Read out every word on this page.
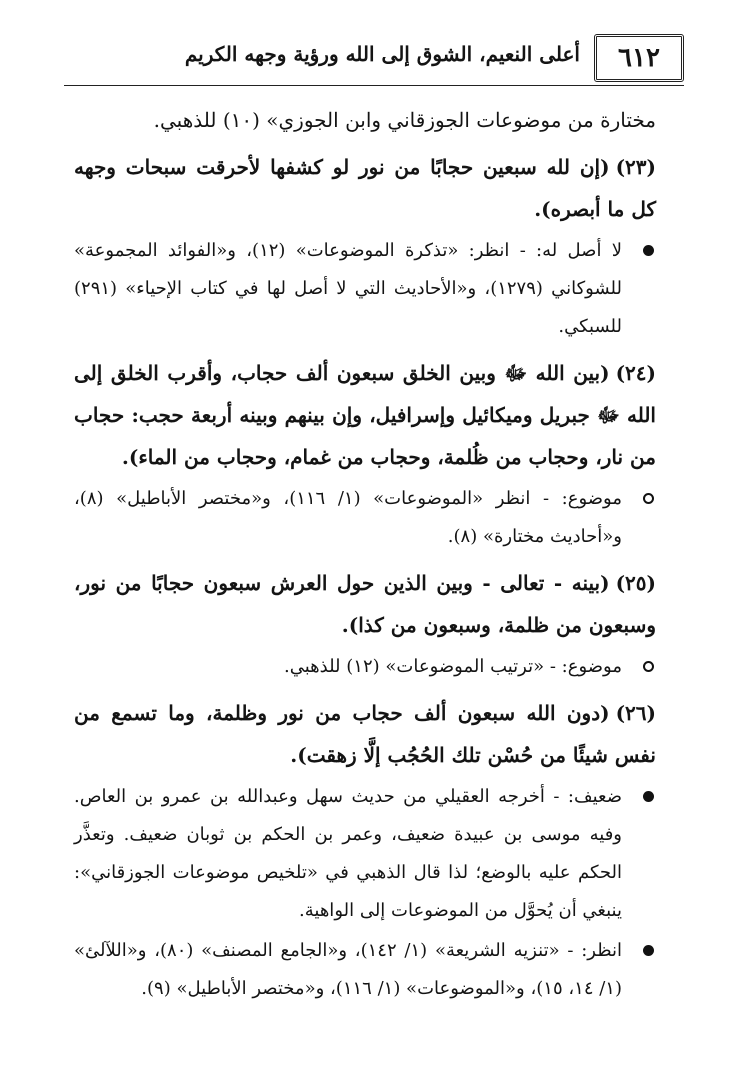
٦١٢
أعلى النعيم، الشوق إلى الله ورؤية وجهه الكريم

مختارة من موضوعات الجوزقاني وابن الجوزي» (١٠) للذهبي.

(٢٣)(إن لله سبعين حجابًا من نور لو كشفها لأحرقت سبحات وجهه كل ما أبصره).

لا أصل له: - انظر: «تذكرة الموضوعات» (١٢)، و«الفوائد المجموعة» للشوكاني (١٢٧٩)، و«الأحاديث التي لا أصل لها في كتاب الإحياء» (٢٩١) للسبكي.

(٢٤)(بين الله ﷻ وبين الخلق سبعون ألف حجاب، وأقرب الخلق إلى الله ﷻ جبريل وميكائيل وإسرافيل، وإن بينهم وبينه أربعة حجب: حجاب من نار، وحجاب من ظُلمة، وحجاب من غمام، وحجاب من الماء).

موضوع: - انظر «الموضوعات» (١/ ١١٦)، و«مختصر الأباطيل» (٨)، و«أحاديث مختارة» (٨).

(٢٥)(بينه - تعالى - وبين الذين حول العرش سبعون حجابًا من نور، وسبعون من ظلمة، وسبعون من كذا).

موضوع: - «ترتيب الموضوعات» (١٢) للذهبي.

(٢٦)(دون الله سبعون ألف حجاب من نور وظلمة، وما تسمع من نفس شيئًا من حُسْن تلك الحُجُب إلَّا زهقت).

ضعيف: - أخرجه العقيلي من حديث سهل وعبدالله بن عمرو بن العاص. وفيه موسى بن عبيدة ضعيف، وعمر بن الحكم بن ثوبان ضعيف. وتعذَّر الحكم عليه بالوضع؛ لذا قال الذهبي في «تلخيص موضوعات الجوزقاني»: ينبغي أن يُحوَّل من الموضوعات إلى الواهية.

انظر: - «تنزيه الشريعة» (١/ ١٤٢)، و«الجامع المصنف» (٨٠)، و«اللآلئ» (١/ ١٤، ١٥)، و«الموضوعات» (١/ ١١٦)، و«مختصر الأباطيل» (٩).
